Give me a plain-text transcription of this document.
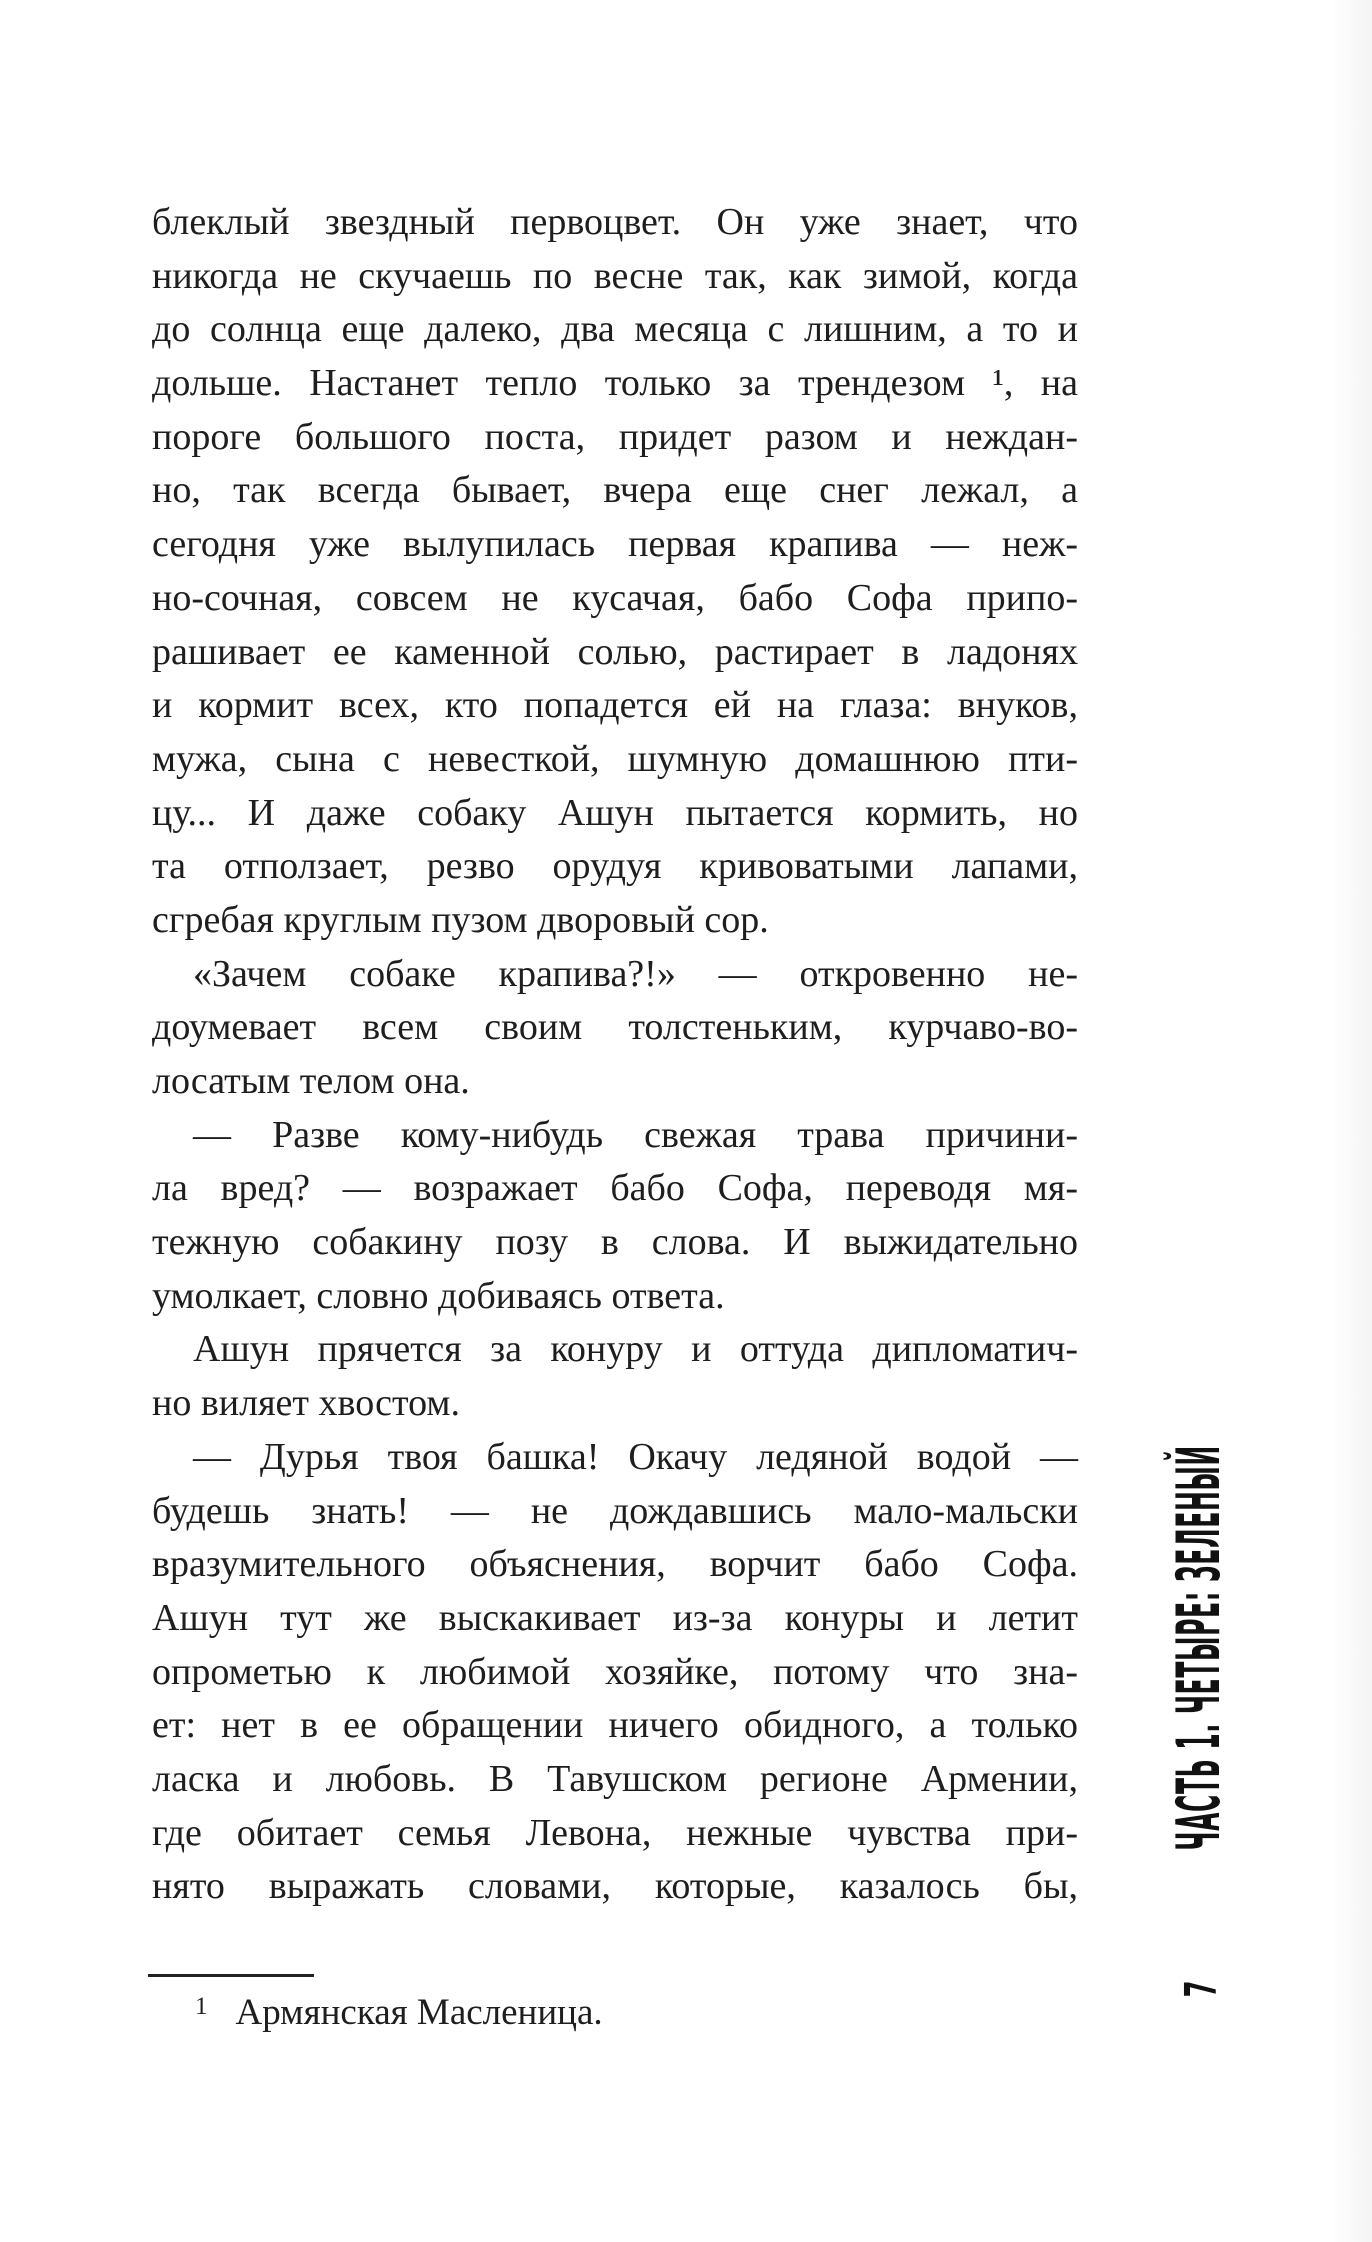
блеклый звездный первоцвет. Он уже знает, что
никогда не скучаешь по весне так, как зимой, когда
до солнца еще далеко, два месяца с лишним, а то и
дольше. Настанет тепло только за трендезом ¹, на
пороге большого поста, придет разом и неждан-
но, так всегда бывает, вчера еще снег лежал, а
сегодня уже вылупилась первая крапива — неж-
но-сочная, совсем не кусачая, бабо Софа припо-
рашивает ее каменной солью, растирает в ладонях
и кормит всех, кто попадется ей на глаза: внуков,
мужа, сына с невесткой, шумную домашнюю пти-
цу... И даже собаку Ашун пытается кормить, но
та отползает, резво орудуя кривоватыми лапами,
сгребая круглым пузом дворовый сор.
«Зачем собаке крапива?!» — откровенно не-
доумевает всем своим толстеньким, курчаво-во-
лосатым телом она.
— Разве кому-нибудь свежая трава причини-
ла вред? — возражает бабо Софа, переводя мя-
тежную собакину позу в слова. И выжидательно
умолкает, словно добиваясь ответа.
Ашун прячется за конуру и оттуда дипломатич-
но виляет хвостом.
— Дурья твоя башка! Окачу ледяной водой —
будешь знать! — не дождавшись мало-мальски
вразумительного объяснения, ворчит бабо Софа.
Ашун тут же выскакивает из-за конуры и летит
опрометью к любимой хозяйке, потому что зна-
ет: нет в ее обращении ничего обидного, а только
ласка и любовь. В Тавушском регионе Армении,
где обитает семья Левона, нежные чувства при-
нято выражать словами, которые, казалось бы,
$^1$ Армянская Масленица.
ЧАСТЬ 1. ЧЕТЫРЕ: ЗЕЛЕНЫЙ
7
